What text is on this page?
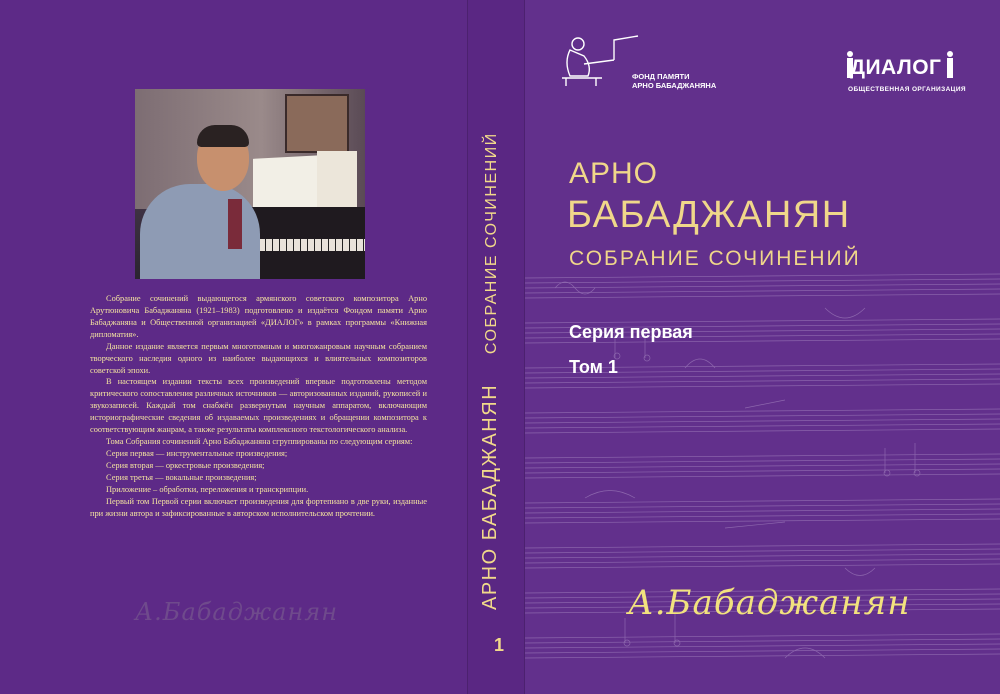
Собрание сочинений выдающегося армянского советского композитора Арно Арутюновича Бабаджаняна (1921–1983) подготовлено и издаётся Фондом памяти Арно Бабаджаняна и Общественной организацией «ДИАЛОГ» в рамках программы «Книжная дипломатия».

Данное издание является первым многотомным и многожанровым научным собранием творческого наследия одного из наиболее выдающихся и влиятельных композиторов советской эпохи.

В настоящем издании тексты всех произведений впервые подготовлены методом критического сопоставления различных источников — авторизованных изданий, рукописей и звукозаписей. Каждый том снабжён развернутым научным аппаратом, включающим историографические сведения об издаваемых произведениях и обращении композитора к соответствующим жанрам, а также результаты комплексного текстологического анализа.

Тома Собрания сочинений Арно Бабаджаняна сгруппированы по следующим сериям:

Серия первая — инструментальные произведения;

Серия вторая — оркестровые произведения;

Серия третья — вокальные произведения;

Приложение – обработки, переложения и транскрипции.

Первый том Первой серии включает произведения для фортепиано в две руки, изданные при жизни автора и зафиксированные в авторском исполнительском прочтении.

А.Бабаджанян
АРНО БАБАДЖАНЯН     СОБРАНИЕ СОЧИНЕНИЙ
1
ФОНД ПАМЯТИ
АРНО БАБАДЖАНЯНА
ДИАЛОГ
ОБЩЕСТВЕННАЯ ОРГАНИЗАЦИЯ
АРНО
БАБАДЖАНЯН
СОБРАНИЕ СОЧИНЕНИЙ
Серия первая
Том 1
А.Бабаджанян
